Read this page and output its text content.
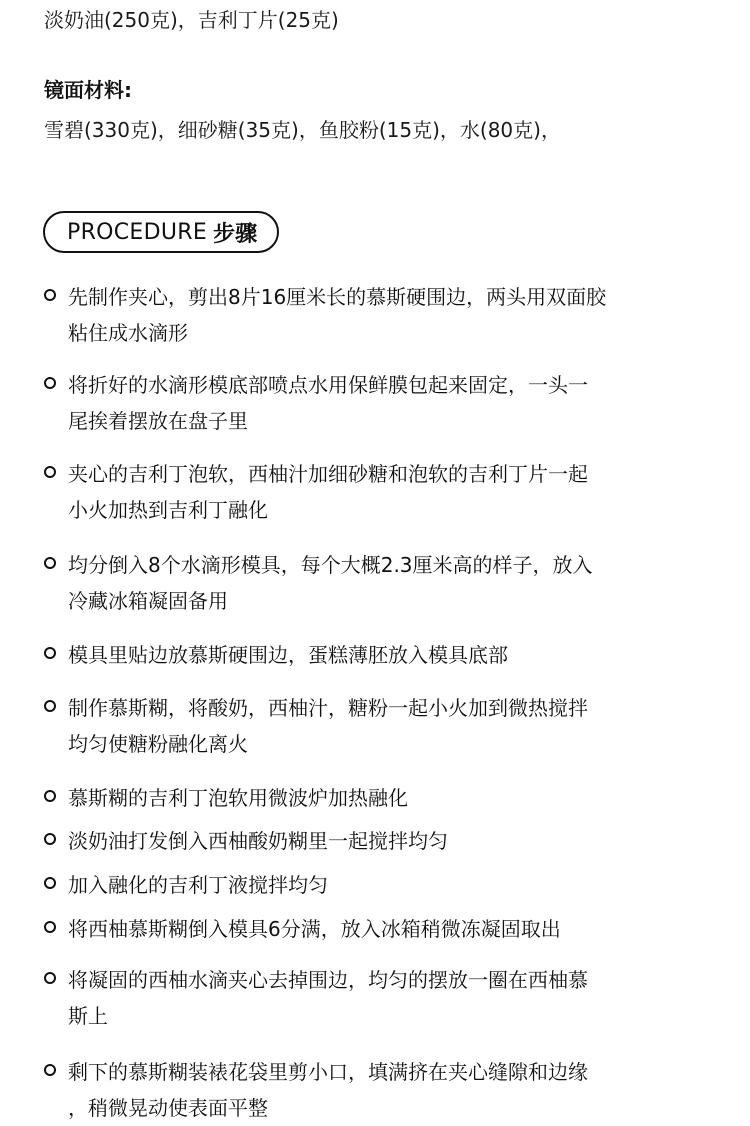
淡奶油(250克)，吉利丁片(25克)
镜面材料:
雪碧(330克)，细砂糖(35克)，鱼胶粉(15克)，水(80克)，
PROCEDURE 步骤
先制作夹心，剪出8片16厘米长的慕斯硬围边，两头用双面胶
粘住成水滴形
将折好的水滴形模底部喷点水用保鲜膜包起来固定，一头一
尾挨着摆放在盘子里
夹心的吉利丁泡软，西柚汁加细砂糖和泡软的吉利丁片一起
小火加热到吉利丁融化
均分倒入8个水滴形模具，每个大概2.3厘米高的样子，放入
冷藏冰箱凝固备用
模具里贴边放慕斯硬围边，蛋糕薄胚放入模具底部
制作慕斯糊，将酸奶，西柚汁，糖粉一起小火加到微热搅拌
均匀使糖粉融化离火
慕斯糊的吉利丁泡软用微波炉加热融化
淡奶油打发倒入西柚酸奶糊里一起搅拌均匀
加入融化的吉利丁液搅拌均匀
将西柚慕斯糊倒入模具6分满，放入冰箱稍微冻凝固取出
将凝固的西柚水滴夹心去掉围边，均匀的摆放一圈在西柚慕
斯上
剩下的慕斯糊装裱花袋里剪小口，填满挤在夹心缝隙和边缘
，稍微晃动使表面平整
